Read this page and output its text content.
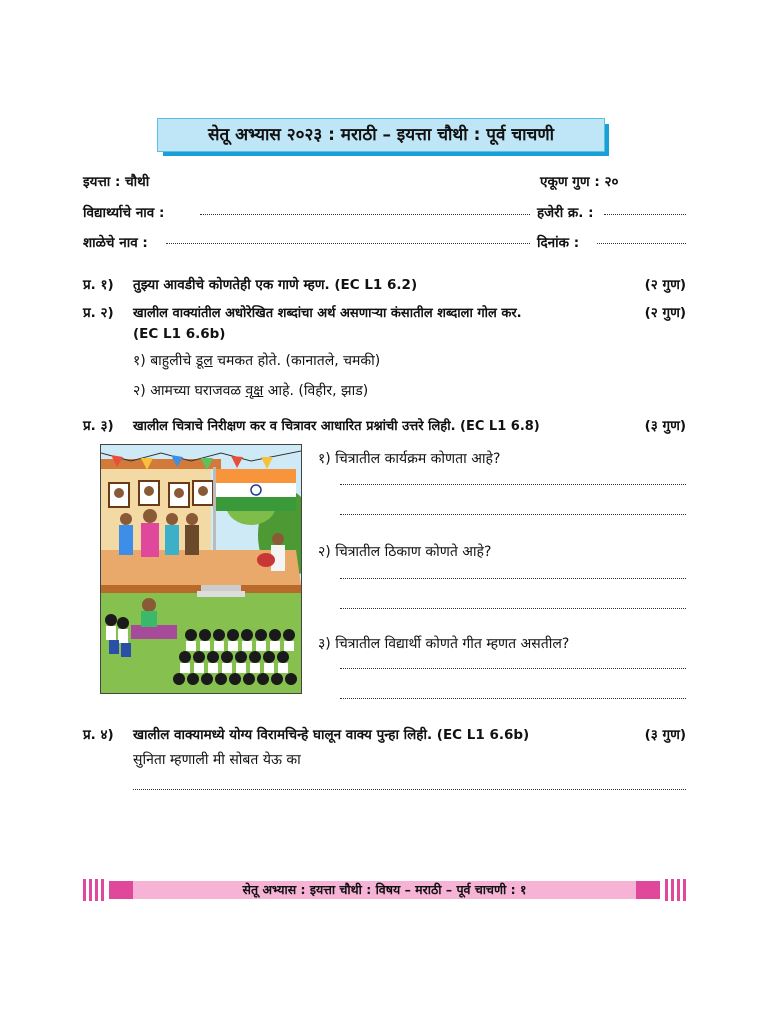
सेतू अभ्यास २०२३ : मराठी – इयत्ता चौथी : पूर्व चाचणी
इयत्ता : चौथी	एकूण गुण : २०
विद्यार्थ्याचे नाव :	हजेरी क्र. :
शाळेचे नाव :	दिनांक :
प्र. १) तुझ्या आवडीचे कोणतेही एक गाणे म्हण. (EC L1 6.2)	(२ गुण)
प्र. २) खालील वाक्यांतील अधोरेखित शब्दांचा अर्थ असणाऱ्या कंसातील शब्दाला गोल कर.	(२ गुण)
(EC L1 6.6b)
१) बाहुलीचे डूल चमकत होते. (कानातले, चमकी)
२) आमच्या घराजवळ वृक्ष आहे. (विहीर, झाड)
प्र. ३) खालील चित्राचे निरीक्षण कर व चित्रावर आधारित प्रश्नांची उत्तरे लिही. (EC L1 6.8)	(३ गुण)
१) चित्रातील कार्यक्रम कोणता आहे?
२) चित्रातील ठिकाण कोणते आहे?
३) चित्रातील विद्यार्थी कोणते गीत म्हणत असतील?
प्र. ४) खालील वाक्यामध्ये योग्य विरामचिन्हे घालून वाक्य पुन्हा लिही. (EC L1 6.6b)	(३ गुण)
सुनिता म्हणाली मी सोबत येऊ का
सेतू अभ्यास : इयत्ता चौथी : विषय – मराठी – पूर्व चाचणी : १
